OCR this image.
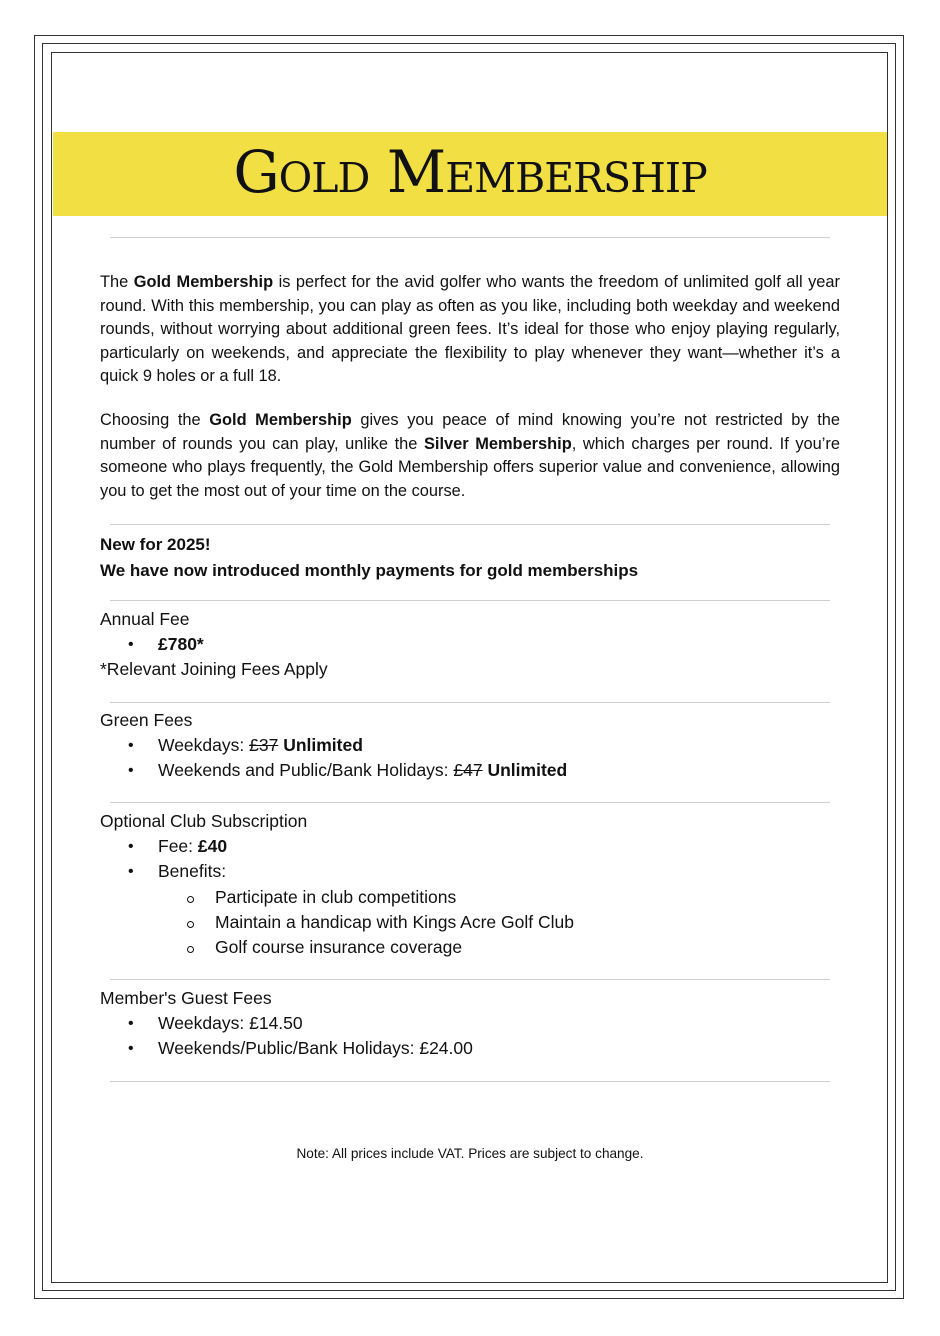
Gold Membership

The Gold Membership is perfect for the avid golfer who wants the freedom of unlimited golf all year round. With this membership, you can play as often as you like, including both weekday and weekend rounds, without worrying about additional green fees. It’s ideal for those who enjoy playing regularly, particularly on weekends, and appreciate the flexibility to play whenever they want—whether it’s a quick 9 holes or a full 18.

Choosing the Gold Membership gives you peace of mind knowing you’re not restricted by the number of rounds you can play, unlike the Silver Membership, which charges per round. If you’re someone who plays frequently, the Gold Membership offers superior value and convenience, allowing you to get the most out of your time on the course.

New for 2025!

We have now introduced monthly payments for gold memberships

Annual Fee

• £780*

*Relevant Joining Fees Apply

Green Fees

• Weekdays: £37 Unlimited
• Weekends and Public/Bank Holidays: £47 Unlimited

Optional Club Subscription

• Fee: £40
• Benefits:
Participate in club competitions
Maintain a handicap with Kings Acre Golf Club
Golf course insurance coverage

Member's Guest Fees

• Weekdays: £14.50
• Weekends/Public/Bank Holidays: £24.00
Note: All prices include VAT. Prices are subject to change.
